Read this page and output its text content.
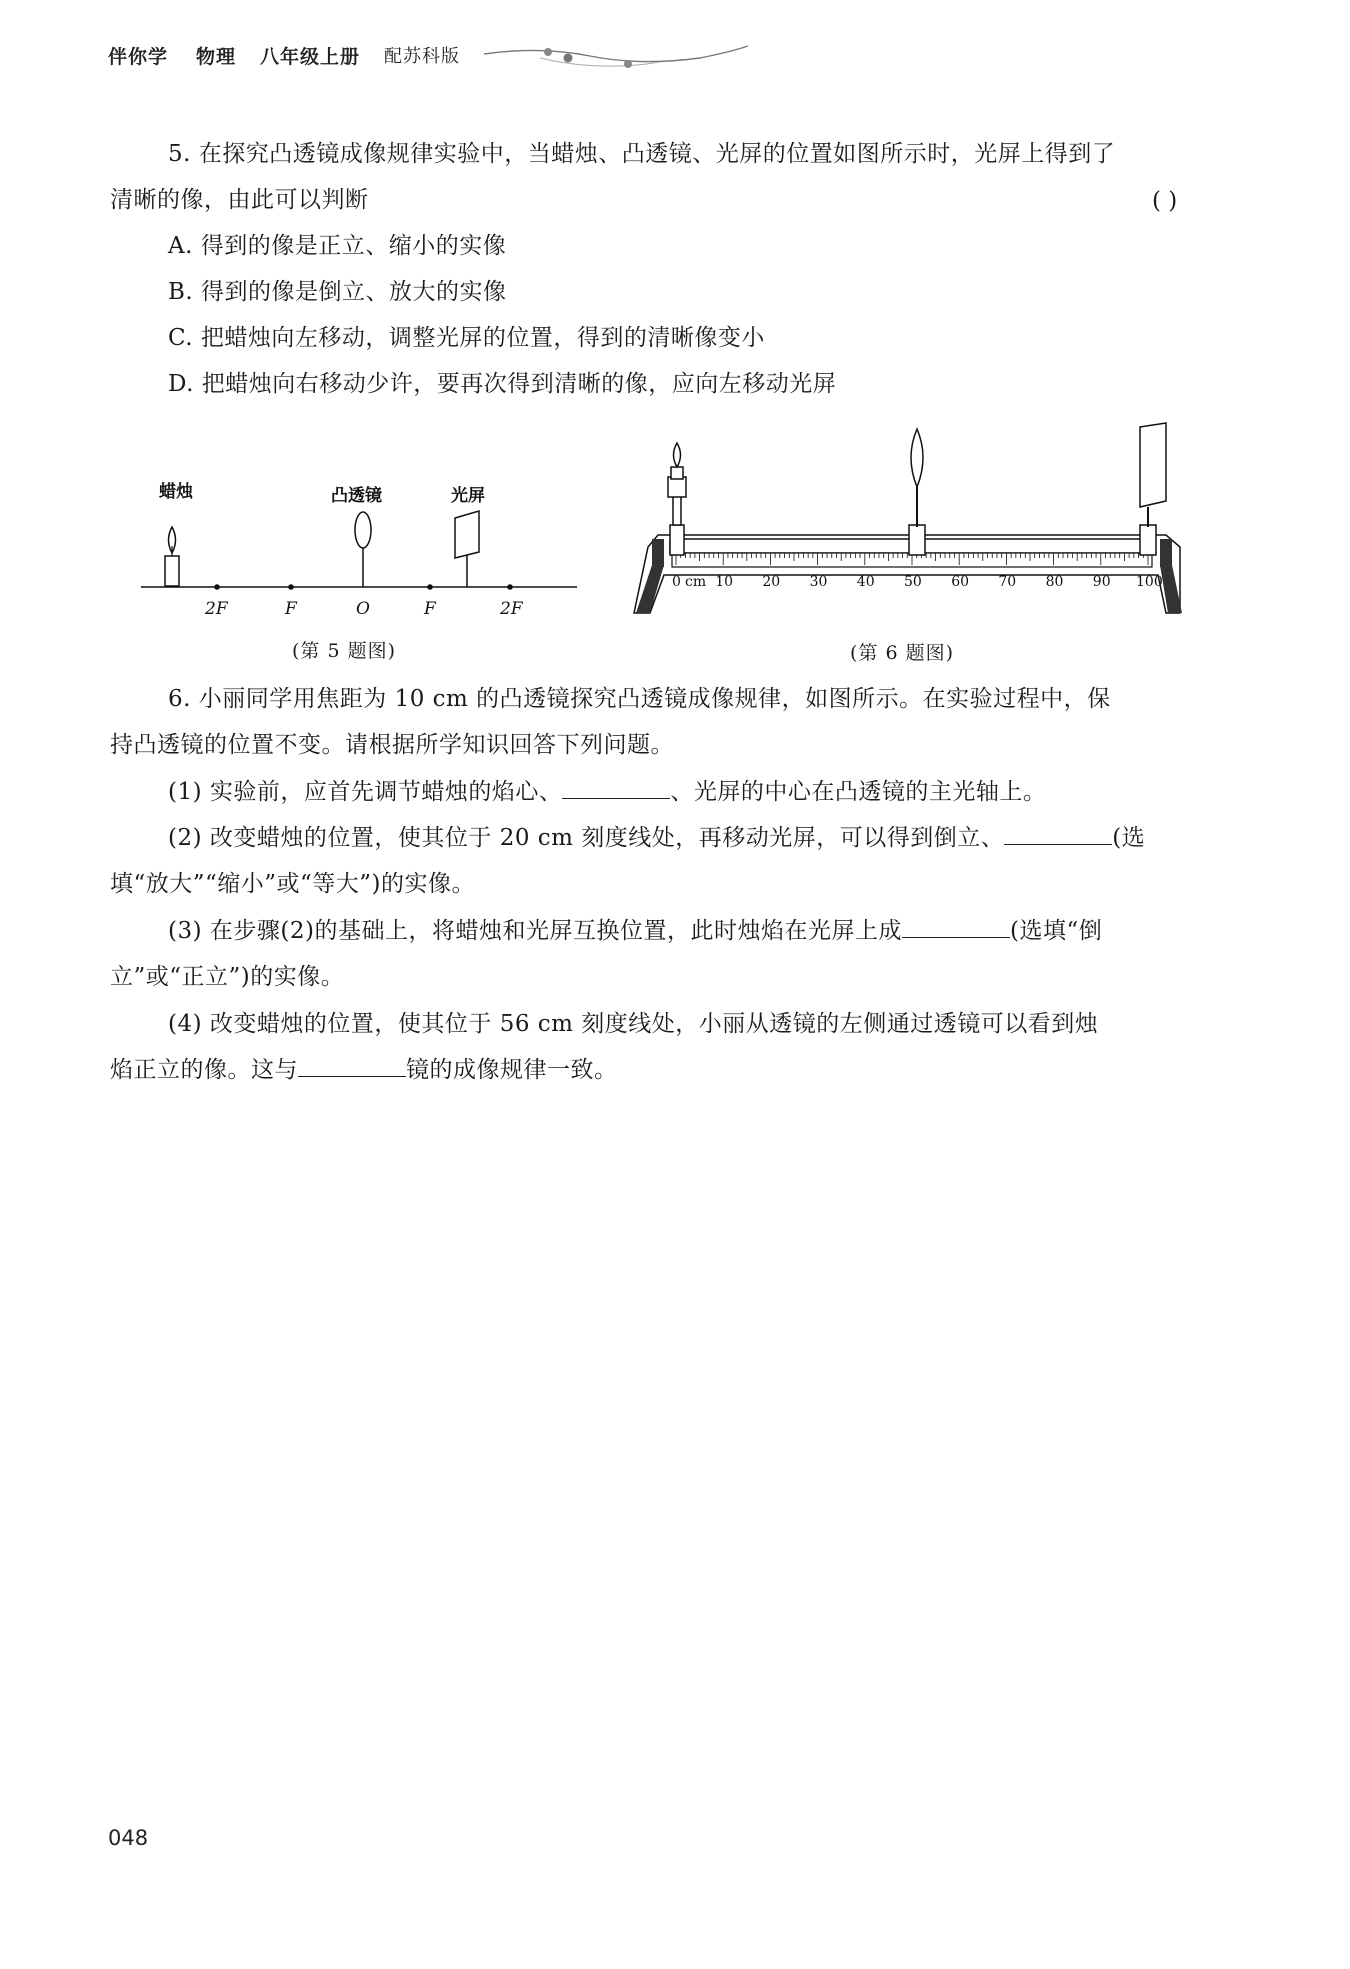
伴你学 物理 八年级上册 配苏科版
5. 在探究凸透镜成像规律实验中，当蜡烛、凸透镜、光屏的位置如图所示时，光屏上得到了
清晰的像，由此可以判断	( )
A. 得到的像是正立、缩小的实像
B. 得到的像是倒立、放大的实像
C. 把蜡烛向左移动，调整光屏的位置，得到的清晰像变小
D. 把蜡烛向右移动少许，要再次得到清晰的像，应向左移动光屏
蜡烛	凸透镜	光屏
2F	F	O	F	2F
(第 5 题图)
0 10 20 30 40 50 60 70 80 90 100
cm
(第 6 题图)
6. 小丽同学用焦距为 10 cm 的凸透镜探究凸透镜成像规律，如图所示。在实验过程中，保
持凸透镜的位置不变。请根据所学知识回答下列问题。
(1) 实验前，应首先调节蜡烛的焰心、	、光屏的中心在凸透镜的主光轴上。
(2) 改变蜡烛的位置，使其位于 20 cm 刻度线处，再移动光屏，可以得到倒立、	(选
填“放大”“缩小”或“等大”)的实像。
(3) 在步骤(2)的基础上，将蜡烛和光屏互换位置，此时烛焰在光屏上成	(选填“倒
立”或“正立”)的实像。
(4) 改变蜡烛的位置，使其位于 56 cm 刻度线处，小丽从透镜的左侧通过透镜可以看到烛
焰正立的像。这与	镜的成像规律一致。
048
